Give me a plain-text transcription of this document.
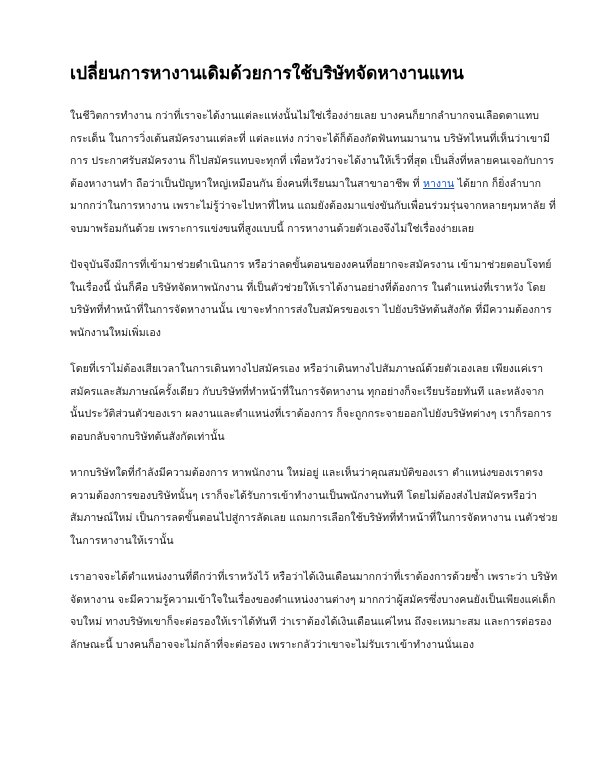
เปลี่ยนการหางานเดิมด้วยการใช้บริษัทจัดหางานแทน

ในชีวิตการทำงาน กว่าที่เราจะได้งานแต่ละแห่งนั้นไม่ใช่เรื่องง่ายเลย บางคนก็ยากลำบากจนเลือดตาแทบ
กระเด็น ในการวิ่งเต้นสมัครงานแต่ละที่ แต่ละแห่ง กว่าจะได้ก็ต้องกัดฟันทนมานาน บริษัทไหนที่เห็นว่าเขามี
การ ประกาศรับสมัครงาน ก็ไปสมัครแทบจะทุกที่ เพื่อหวังว่าจะได้งานให้เร็วที่สุด เป็นสิ่งที่หลายคนเจอกับการ
ต้องหางานทำ ถือว่าเป็นปัญหาใหญ่เหมือนกัน ยิ่งคนที่เรียนมาในสาขาอาชีพ ที่ หางาน ได้ยาก ก็ยิ่งลำบาก
มากกว่าในการหางาน เพราะไม่รู้ว่าจะไปหาที่ไหน แถมยังต้องมาแข่งขันกับเพื่อนร่วมรุ่นจากหลายๆมหาลัย ที่
จบมาพร้อมกันด้วย เพราะการแข่งขนที่สูงแบบนี้ การหางานด้วยตัวเองจึงไม่ใช่เรื่องง่ายเลย

ปัจจุบันจึงมีการที่เข้ามาช่วยดำเนินการ หรือว่าลดขั้นตอนของงคนที่อยากจะสมัครงาน เข้ามาช่วยตอบโจทย์
ในเรื่องนี้ นั่นก็คือ บริษัทจัดหาพนักงาน ที่เป็นตัวช่วยให้เราได้งานอย่างที่ต้องการ ในตำแหน่งที่เราหวัง โดย
บริษัทที่ทำหน้าที่ในการจัดหางานนั้น เขาจะทำการส่งใบสมัครของเรา ไปยังบริษัทต้นสังกัด ที่มีความต้องการ
พนักงานใหม่เพิ่มเอง

โดยที่เราไม่ต้องเสียเวลาในการเดินทางไปสมัครเอง หรือว่าเดินทางไปสัมภาษณ์ด้วยตัวเองเลย เพียงแค่เรา
สมัครและสัมภาษณ์ครั้งเดียว กับบริษัทที่ทำหน้าที่ในการจัดหางาน ทุกอย่างก็จะเรียบร้อยทันที และหลังจาก
นั้นประวัติส่วนตัวของเรา ผลงานและตำแหน่งที่เราต้องการ ก็จะถูกกระจายออกไปยังบริษัทต่างๆ เราก็รอการ
ตอบกลับจากบริษัทต้นสังกัดเท่านั้น

หากบริษัทใดที่กำลังมีความต้องการ หาพนักงาน ใหม่อยู่ และเห็นว่าคุณสมบัติของเรา ตำแหน่งของเราตรง
ความต้องการของบริษัทนั้นๆ เราก็จะได้รับการเข้าทำงานเป็นพนักงานทันที โดยไม่ต้องส่งไปสมัครหรือว่า
สัมภาษณ์ใหม่ เป็นการลดขั้นตอนไปสู่การลัดเลย แถมการเลือกใช้บริษัทที่ทำหน้าที่ในการจัดหางาน เนตัวช่วย
ในการหางานให้เรานั้น

เราอาจจะได้ตำแหน่งงานที่ดีกว่าที่เราหวังไว้ หรือว่าได้เงินเดือนมากกว่าที่เราต้องการด้วยซ้ำ เพราะว่า บริษัท
จัดหางาน จะมีความรู้ความเข้าใจในเรื่องของตำแหน่งงานต่างๆ มากกว่าผู้สมัครซึ่งบางคนยังเป็นเพียงแค่เด็ก
จบใหม่ ทางบริษัทเขาก็จะต่อรองให้เราได้ทันที ว่าเราต้องได้เงินเดือนแค่ไหน ถึงจะเหมาะสม และการต่อรอง
ลักษณะนี้ บางคนก็อาจจะไม่กล้าที่จะต่อรอง เพราะกลัวว่าเขาจะไม่รับเราเข้าทำงานนั่นเอง
